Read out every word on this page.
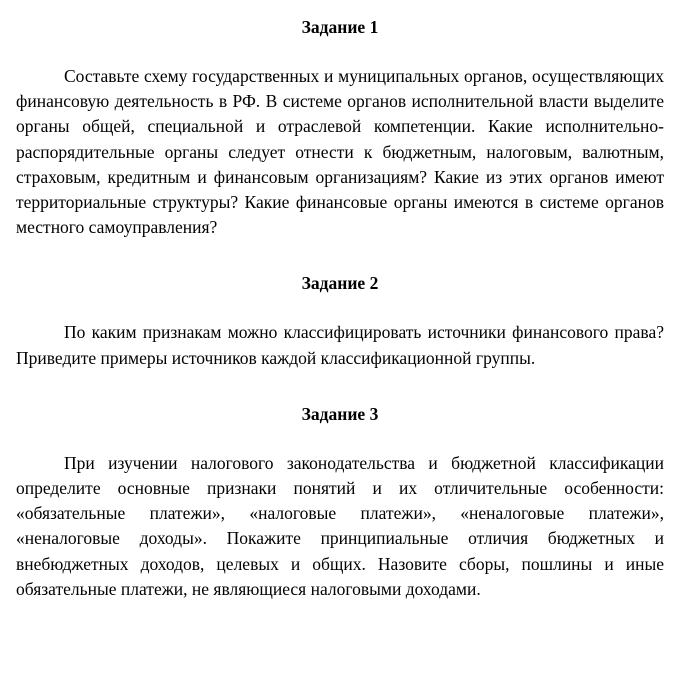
Задание 1

Составьте схему государственных и муниципальных органов, осуществляющих финансовую деятельность в РФ. В системе органов исполнительной власти выделите органы общей, специальной и отраслевой компетенции. Какие исполнительно-распорядительные органы следует отнести к бюджетным, налоговым, валютным, страховым, кредитным и финансовым организациям? Какие из этих органов имеют территориальные структуры? Какие финансовые органы имеются в системе органов местного самоуправления?

Задание 2

По каким признакам можно классифицировать источники финансового права? Приведите примеры источников каждой классификационной группы.

Задание 3

При изучении налогового законодательства и бюджетной классификации определите основные признаки понятий и их отличительные особенности: «обязательные платежи», «налоговые платежи», «неналоговые платежи», «неналоговые доходы». Покажите принципиальные отличия бюджетных и внебюджетных доходов, целевых и общих. Назовите сборы, пошлины и иные обязательные платежи, не являющиеся налоговыми доходами.
